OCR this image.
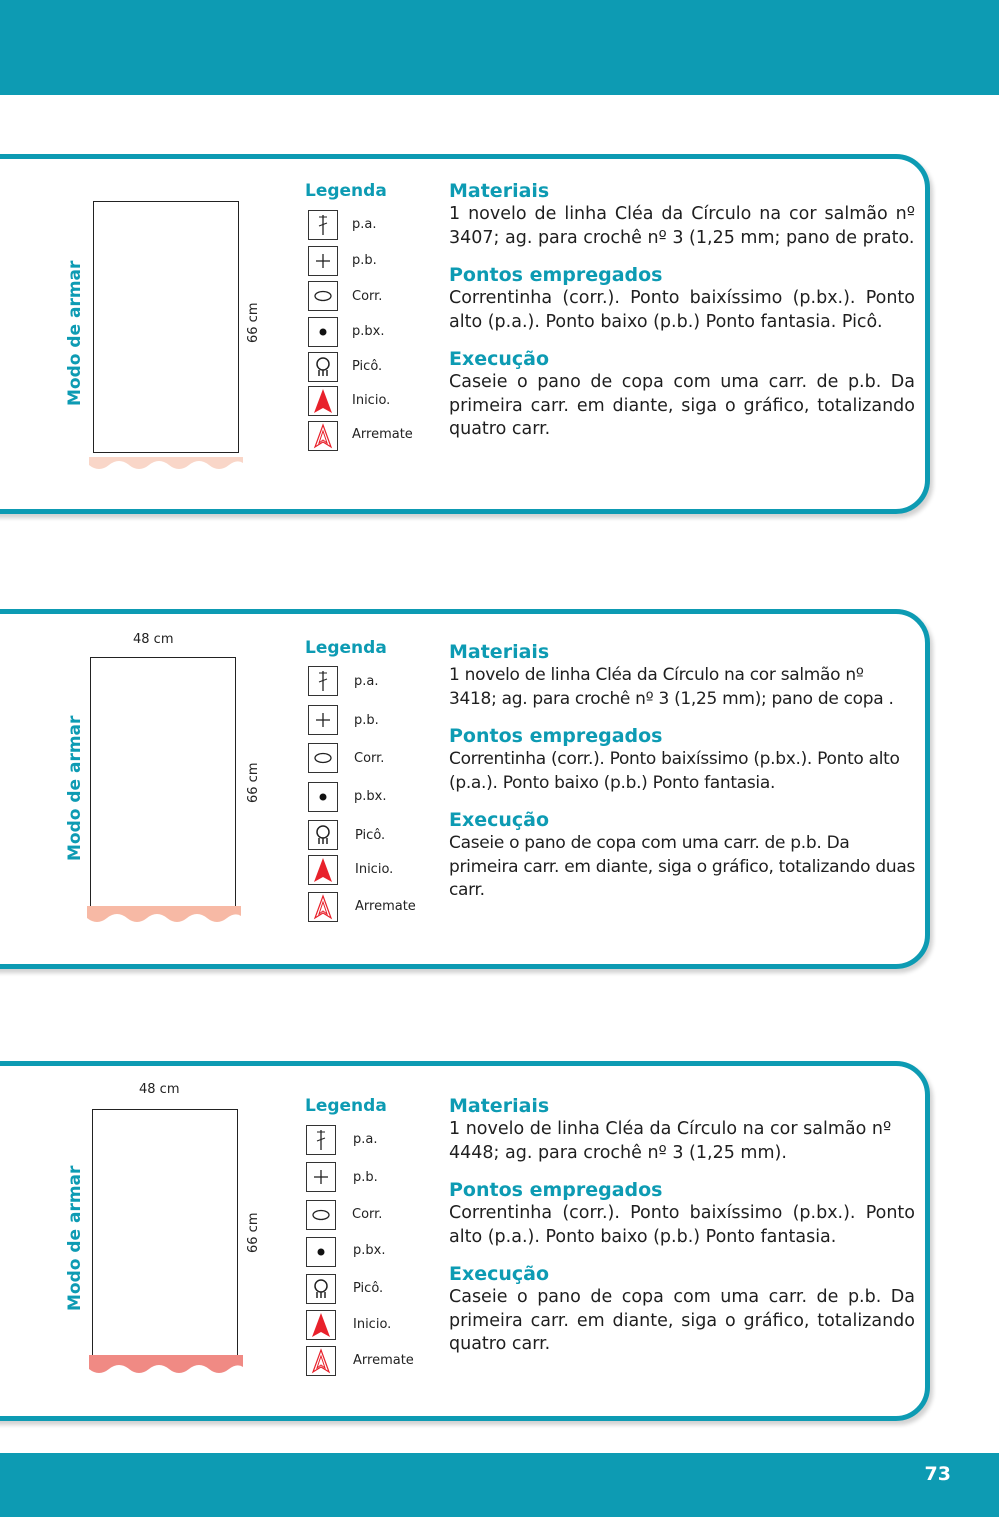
Modo de armar	66 cm
Legenda
p.a.
p.b.
Corr.
p.bx.
Picô.
Inicio.
Arremate

Materiais

1 novelo de linha Cléa da Círculo na cor salmão nº 3407; ag. para crochê nº 3 (1,25 mm; pano de prato.

Pontos empregados

Correntinha (corr.). Ponto baixíssimo (p.bx.). Ponto alto (p.a.). Ponto baixo (p.b.) Ponto fantasia. Picô.

Execução

Caseie o pano de copa com uma carr. de p.b. Da primeira carr. em diante, siga o gráfico, totalizando quatro carr.

Modo de armar
48 cm
66 cm
Legenda
p.a.
p.b.
Corr.
p.bx.
Picô.
Inicio.
Arremate

Materiais

1 novelo de linha Cléa da Círculo na cor salmão nº 3418; ag. para crochê nº 3 (1,25 mm); pano de copa .

Pontos empregados

Correntinha (corr.). Ponto baixíssimo (p.bx.). Ponto alto (p.a.). Ponto baixo (p.b.) Ponto fantasia.

Execução

Caseie o pano de copa com uma carr. de p.b. Da primeira carr. em diante, siga o gráfico, totalizando duas carr.

Modo de armar
48 cm
66 cm
Legenda
p.a.
p.b.
Corr.
p.bx.
Picô.
Inicio.
Arremate

Materiais

1 novelo de linha Cléa da Círculo na cor salmão nº 4448; ag. para crochê nº 3 (1,25 mm).

Pontos empregados

Correntinha (corr.). Ponto baixíssimo (p.bx.). Ponto alto (p.a.). Ponto baixo (p.b.) Ponto fantasia.

Execução

Caseie o pano de copa com uma carr. de p.b. Da primeira carr. em diante, siga o gráfico, totalizando quatro carr.

73
